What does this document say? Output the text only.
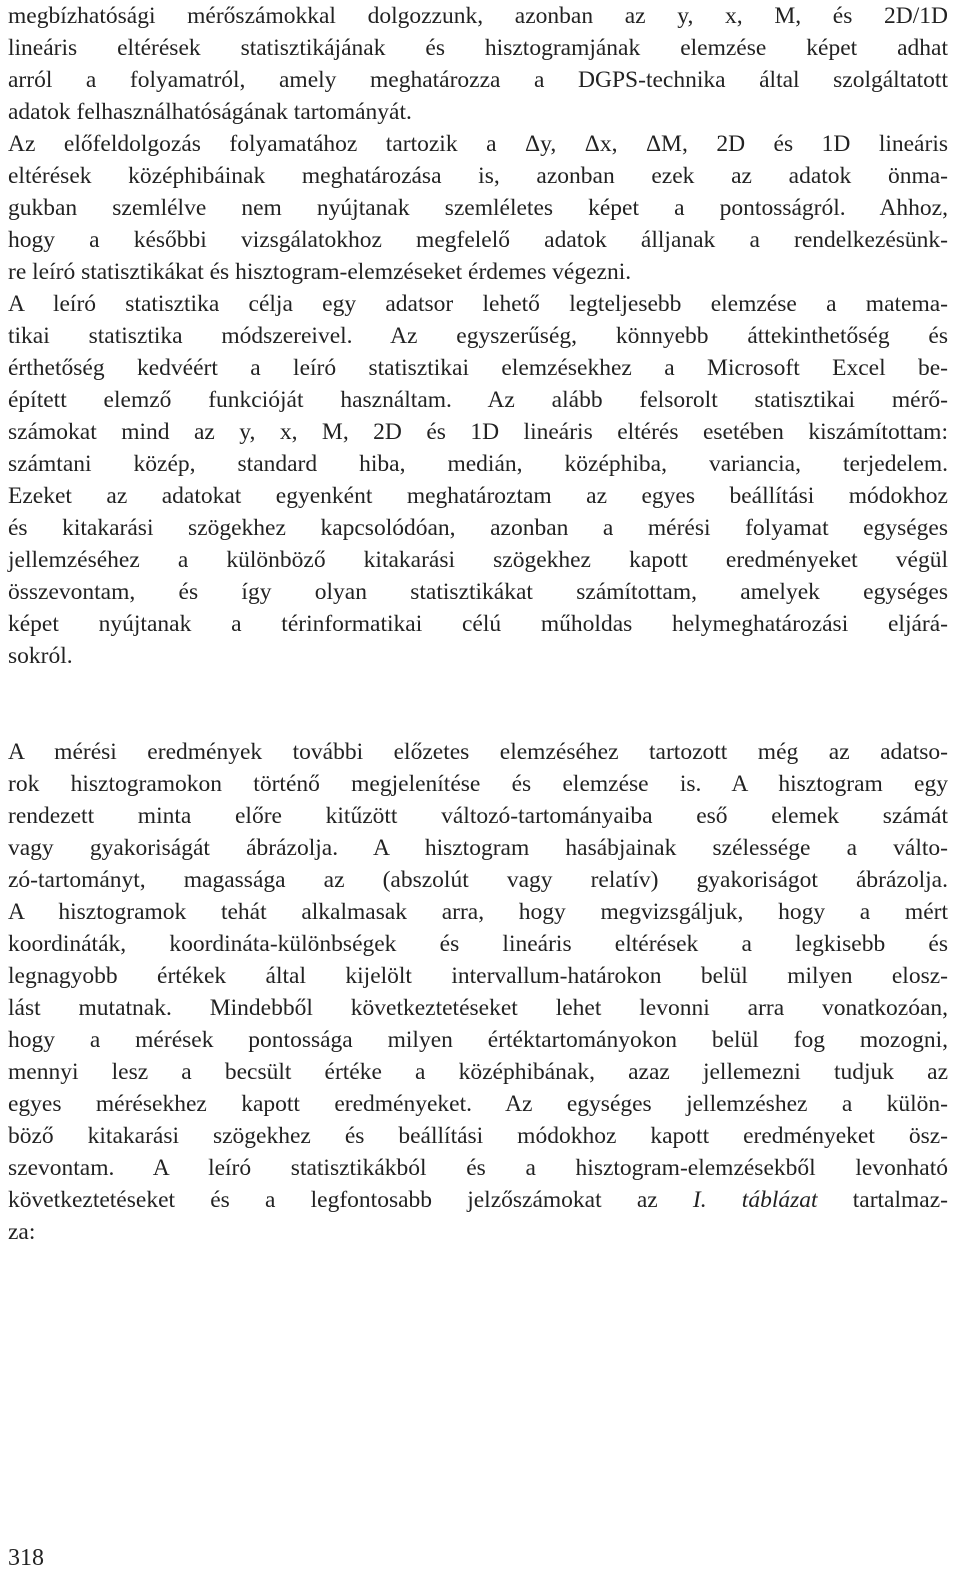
megbízhatósági mérőszámokkal dolgozzunk, azonban az y, x, M, és 2D/1D
lineáris eltérések statisztikájának és hisztogramjának elemzése képet adhat
arról a folyamatról, amely meghatározza a DGPS-technika által szolgáltatott
adatok felhasználhatóságának tartományát.
Az előfeldolgozás folyamatához tartozik a Δy, Δx, ΔM, 2D és 1D lineáris
eltérések középhibáinak meghatározása is, azonban ezek az adatok önma-
gukban szemlélve nem nyújtanak szemléletes képet a pontosságról. Ahhoz,
hogy a későbbi vizsgálatokhoz megfelelő adatok álljanak a rendelkezésünk-
re leíró statisztikákat és hisztogram-elemzéseket érdemes végezni.
A leíró statisztika célja egy adatsor lehető legteljesebb elemzése a matema-
tikai statisztika módszereivel. Az egyszerűség, könnyebb áttekinthetőség és
érthetőség kedvéért a leíró statisztikai elemzésekhez a Microsoft Excel be-
épített elemző funkcióját használtam. Az alább felsorolt statisztikai mérő-
számokat mind az y, x, M, 2D és 1D lineáris eltérés esetében kiszámítottam:
számtani közép, standard hiba, medián, középhiba, variancia, terjedelem.
Ezeket az adatokat egyenként meghatároztam az egyes beállítási módokhoz
és kitakarási szögekhez kapcsolódóan, azonban a mérési folyamat egységes
jellemzéséhez a különböző kitakarási szögekhez kapott eredményeket végül
összevontam, és így olyan statisztikákat számítottam, amelyek egységes
képet nyújtanak a térinformatikai célú műholdas helymeghatározási eljárá-
sokról.
A mérési eredmények további előzetes elemzéséhez tartozott még az adatso-
rok hisztogramokon történő megjelenítése és elemzése is. A hisztogram egy
rendezett minta előre kitűzött változó-tartományaiba eső elemek számát
vagy gyakoriságát ábrázolja. A hisztogram hasábjainak szélessége a válto-
zó-tartományt, magassága az (abszolút vagy relatív) gyakoriságot ábrázolja.
A hisztogramok tehát alkalmasak arra, hogy megvizsgáljuk, hogy a mért
koordináták, koordináta-különbségek és lineáris eltérések a legkisebb és
legnagyobb értékek által kijelölt intervallum-határokon belül milyen elosz-
lást mutatnak. Mindebből következtetéseket lehet levonni arra vonatkozóan,
hogy a mérések pontossága milyen értéktartományokon belül fog mozogni,
mennyi lesz a becsült értéke a középhibának, azaz jellemezni tudjuk az
egyes mérésekhez kapott eredményeket. Az egységes jellemzéshez a külön-
böző kitakarási szögekhez és beállítási módokhoz kapott eredményeket ösz-
szevontam. A leíró statisztikákból és a hisztogram-elemzésekből levonható
következtetéseket és a legfontosabb jelzőszámokat az I. táblázat tartalmaz-
za:
318
